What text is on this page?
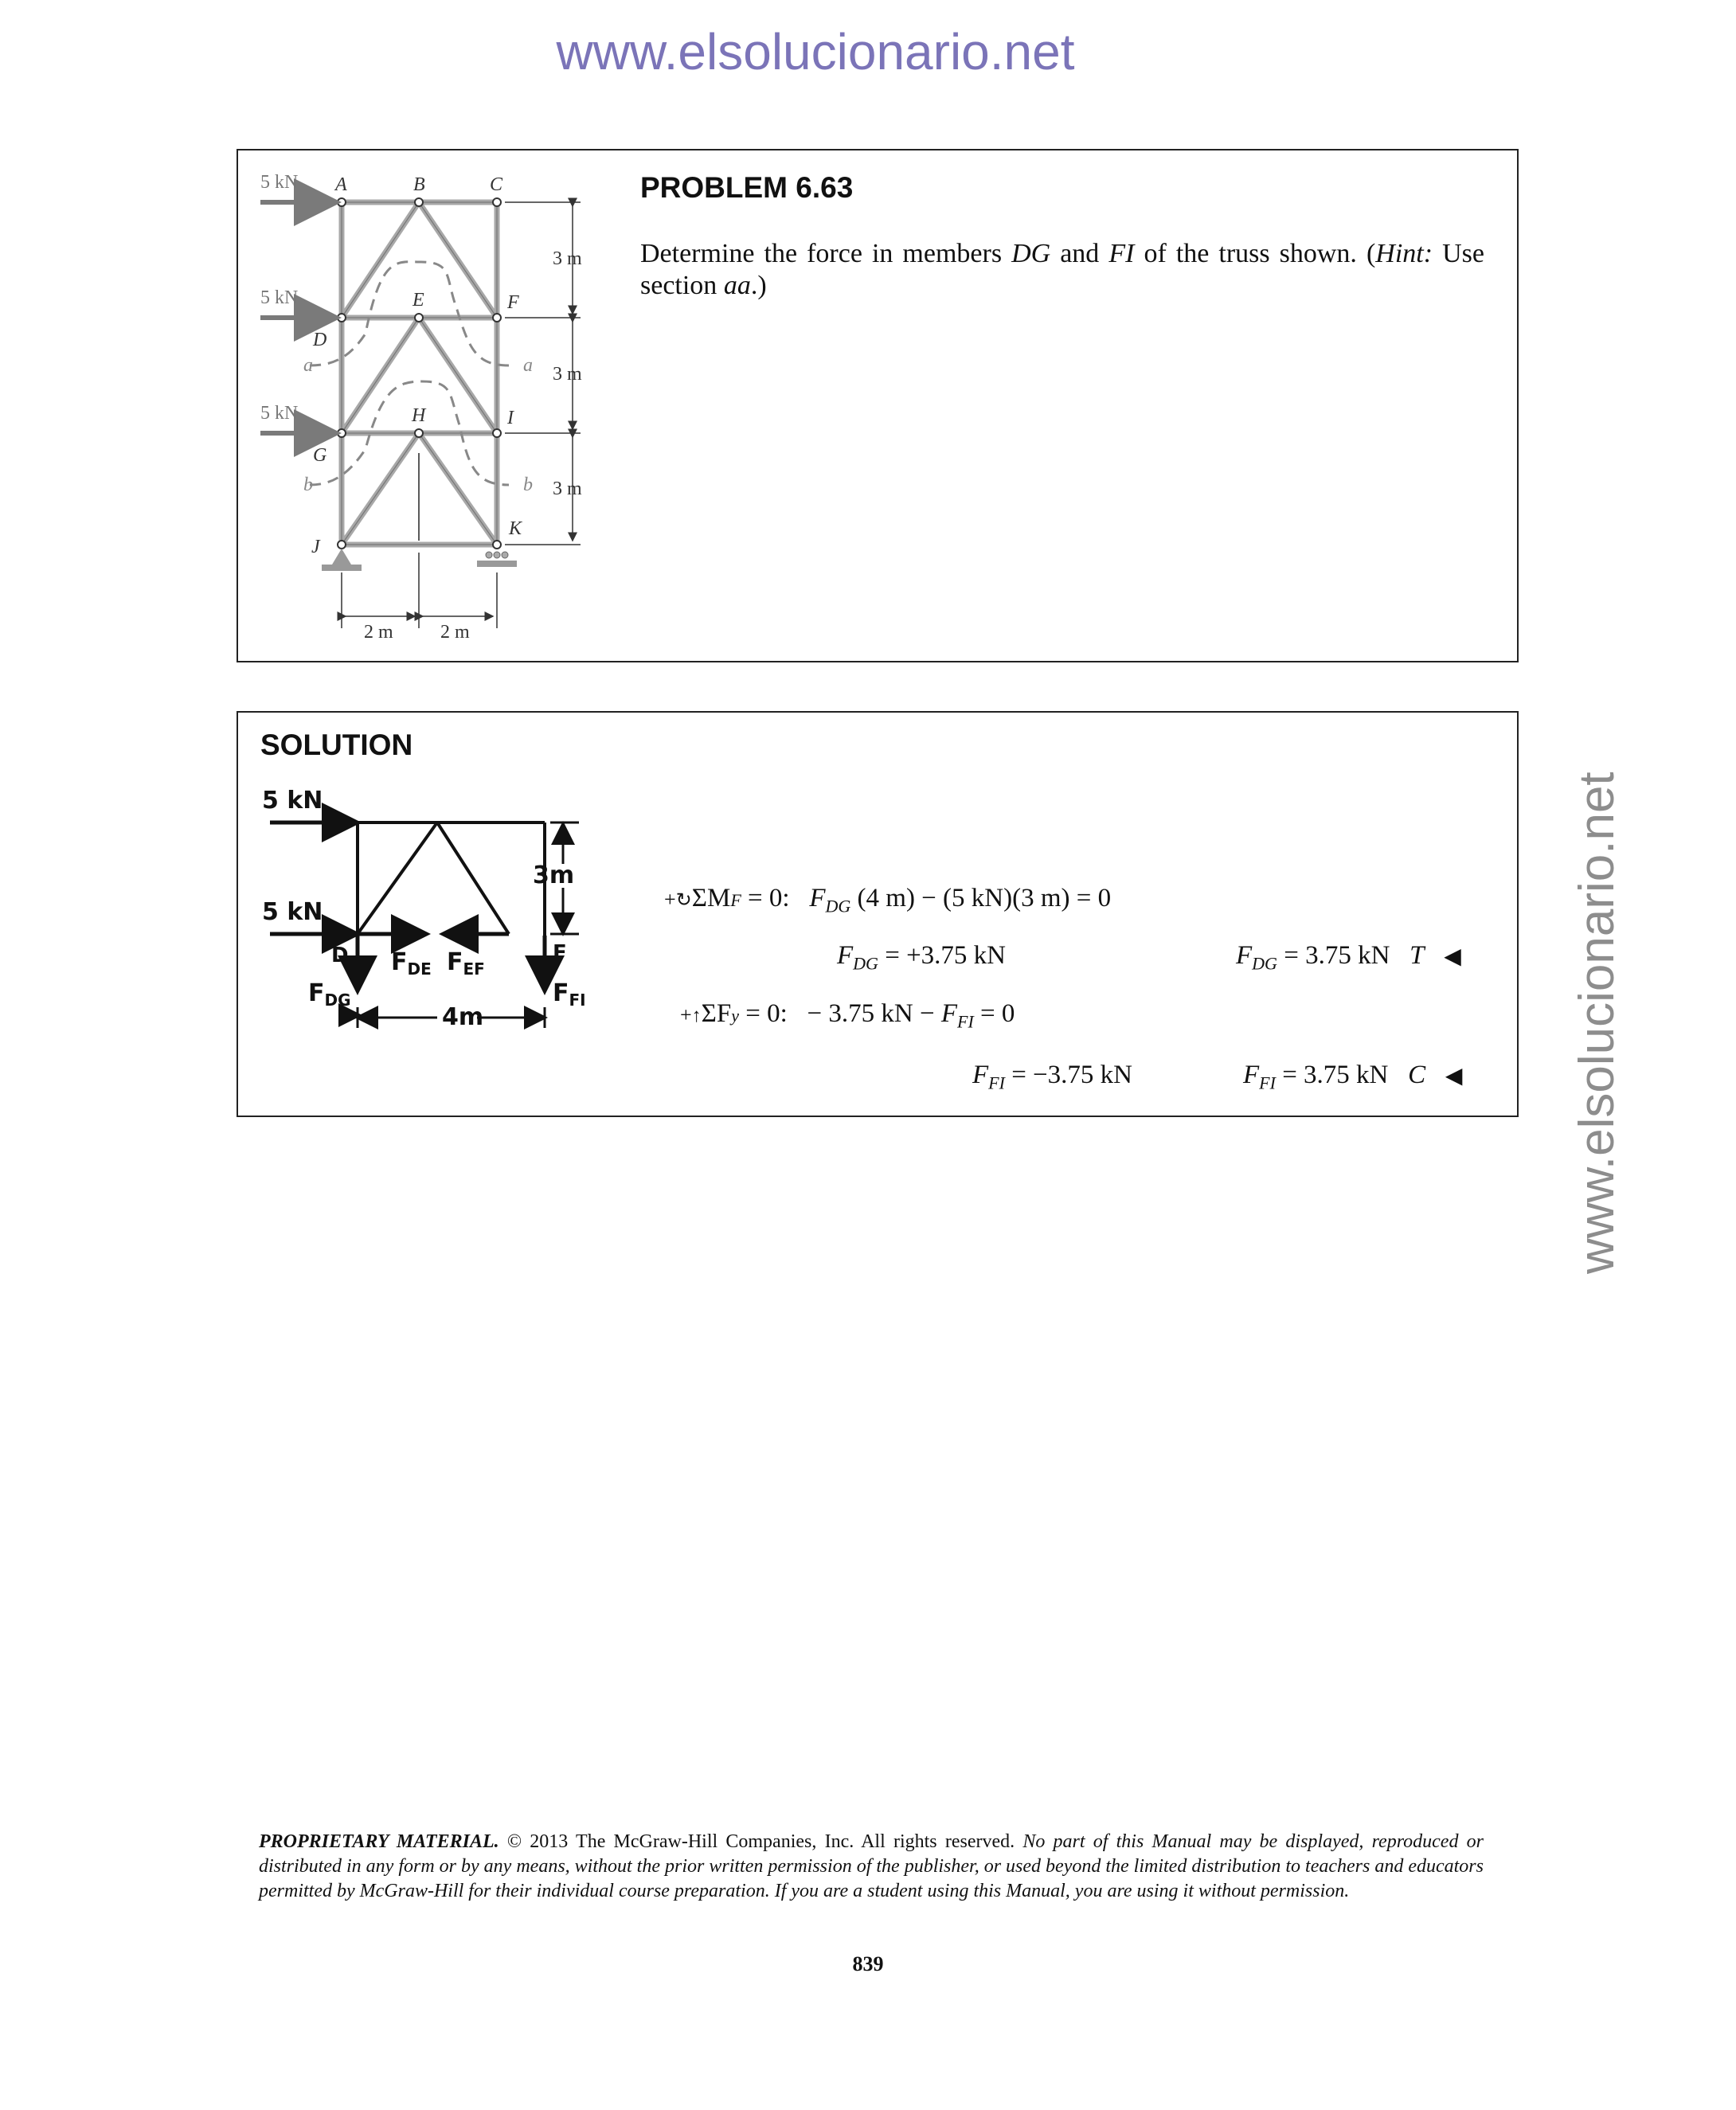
www.elsolucionario.net
www.elsolucionario.net
PROBLEM 6.63
Determine the force in members DG and FI of the truss shown. (Hint: Use section aa.)
5 kN
5 kN
5 kN
A	B	C
D
E	F
G
H	I
J
K
a	a
b	b
3 m
3 m
3 m
2 m 2 m
SOLUTION
5 kN
5 kN
3m
4m
D	F
$F_{DG}$
$F_{DE}$ $F_{EF}$
$F_{FI}$
+↻ΣMF = 0: $F_{DG}$ (4 m) − (5 kN)(3 m) = 0
$F_{DG} = +3.75$ kN	$F_{DG} = 3.75$ kN T ◀
+↑ΣFy = 0: − 3.75 kN − $F_{FI} = 0$
$F_{FI} = -3.75$ kN	$F_{FI} = 3.75$ kN C ◀
PROPRIETARY MATERIAL. © 2013 The McGraw-Hill Companies, Inc. All rights reserved. No part of this Manual may be displayed, reproduced or distributed in any form or by any means, without the prior written permission of the publisher, or used beyond the limited distribution to teachers and educators permitted by McGraw-Hill for their individual course preparation. If you are a student using this Manual, you are using it without permission.
839
